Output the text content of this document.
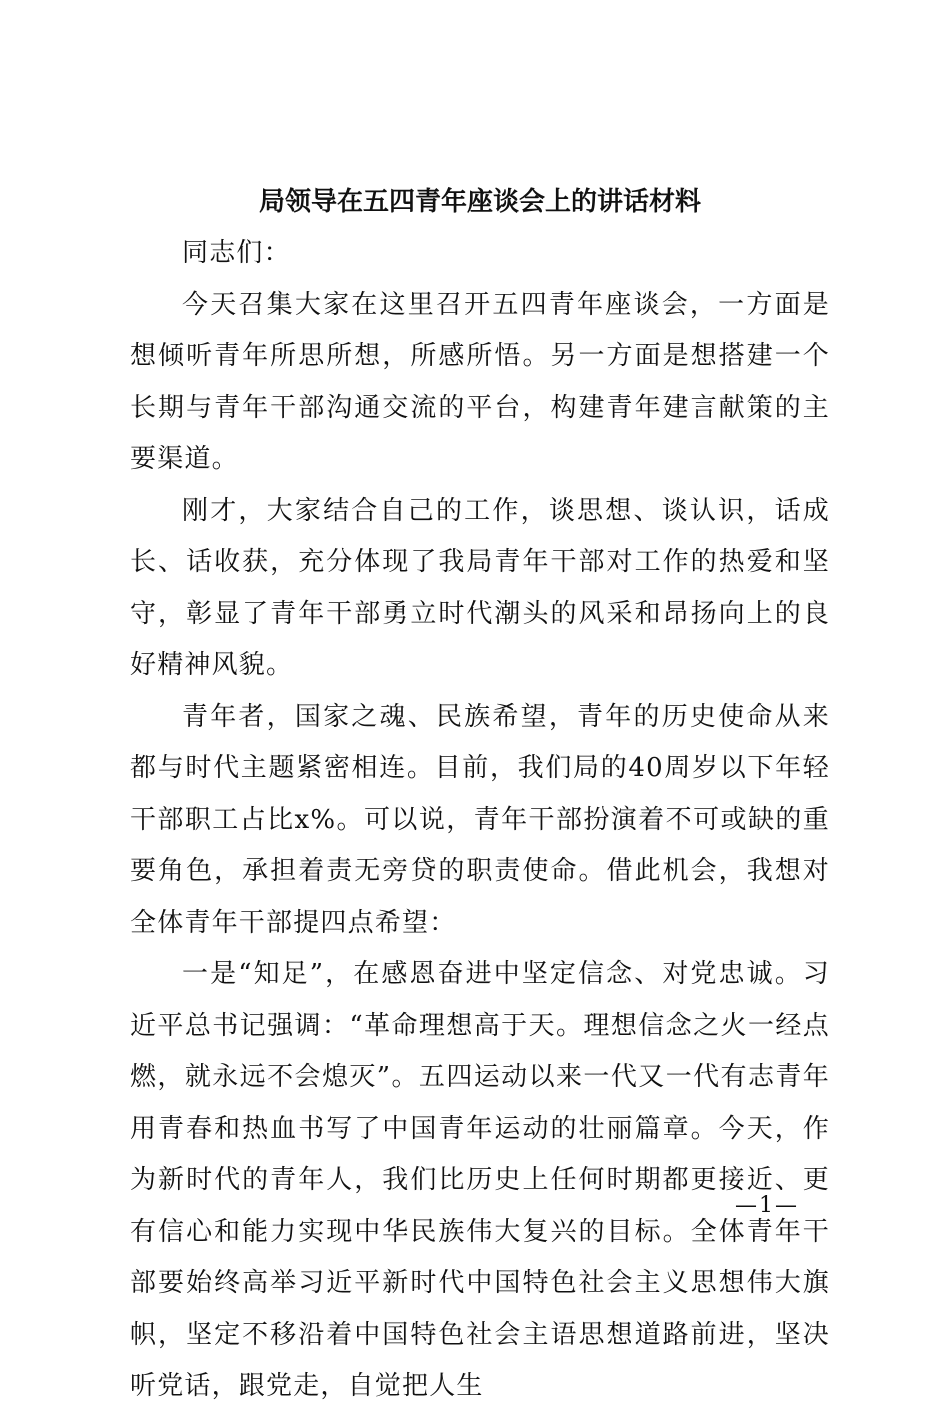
局领导在五四青年座谈会上的讲话材料

同志们：

今天召集大家在这里召开五四青年座谈会，一方面是想倾听青年所思所想，所感所悟。另一方面是想搭建一个长期与青年干部沟通交流的平台，构建青年建言献策的主要渠道。

刚才，大家结合自己的工作，谈思想、谈认识，话成长、话收获，充分体现了我局青年干部对工作的热爱和坚守，彰显了青年干部勇立时代潮头的风采和昂扬向上的良好精神风貌。

青年者，国家之魂、民族希望，青年的历史使命从来都与时代主题紧密相连。目前，我们局的40周岁以下年轻干部职工占比x%。可以说，青年干部扮演着不可或缺的重要角色，承担着责无旁贷的职责使命。借此机会，我想对全体青年干部提四点希望：

一是“知足”，在感恩奋进中坚定信念、对党忠诚。习近平总书记强调：“革命理想高于天。理想信念之火一经点燃，就永远不会熄灭”。五四运动以来一代又一代有志青年用青春和热血书写了中国青年运动的壮丽篇章。今天，作为新时代的青年人，我们比历史上任何时期都更接近、更有信心和能力实现中华民族伟大复兴的目标。全体青年干部要始终高举习近平新时代中国特色社会主义思想伟大旗帜，坚定不移沿着中国特色社会主语思想道路前进，坚决听党话，跟党走，自觉把人生

—1—
